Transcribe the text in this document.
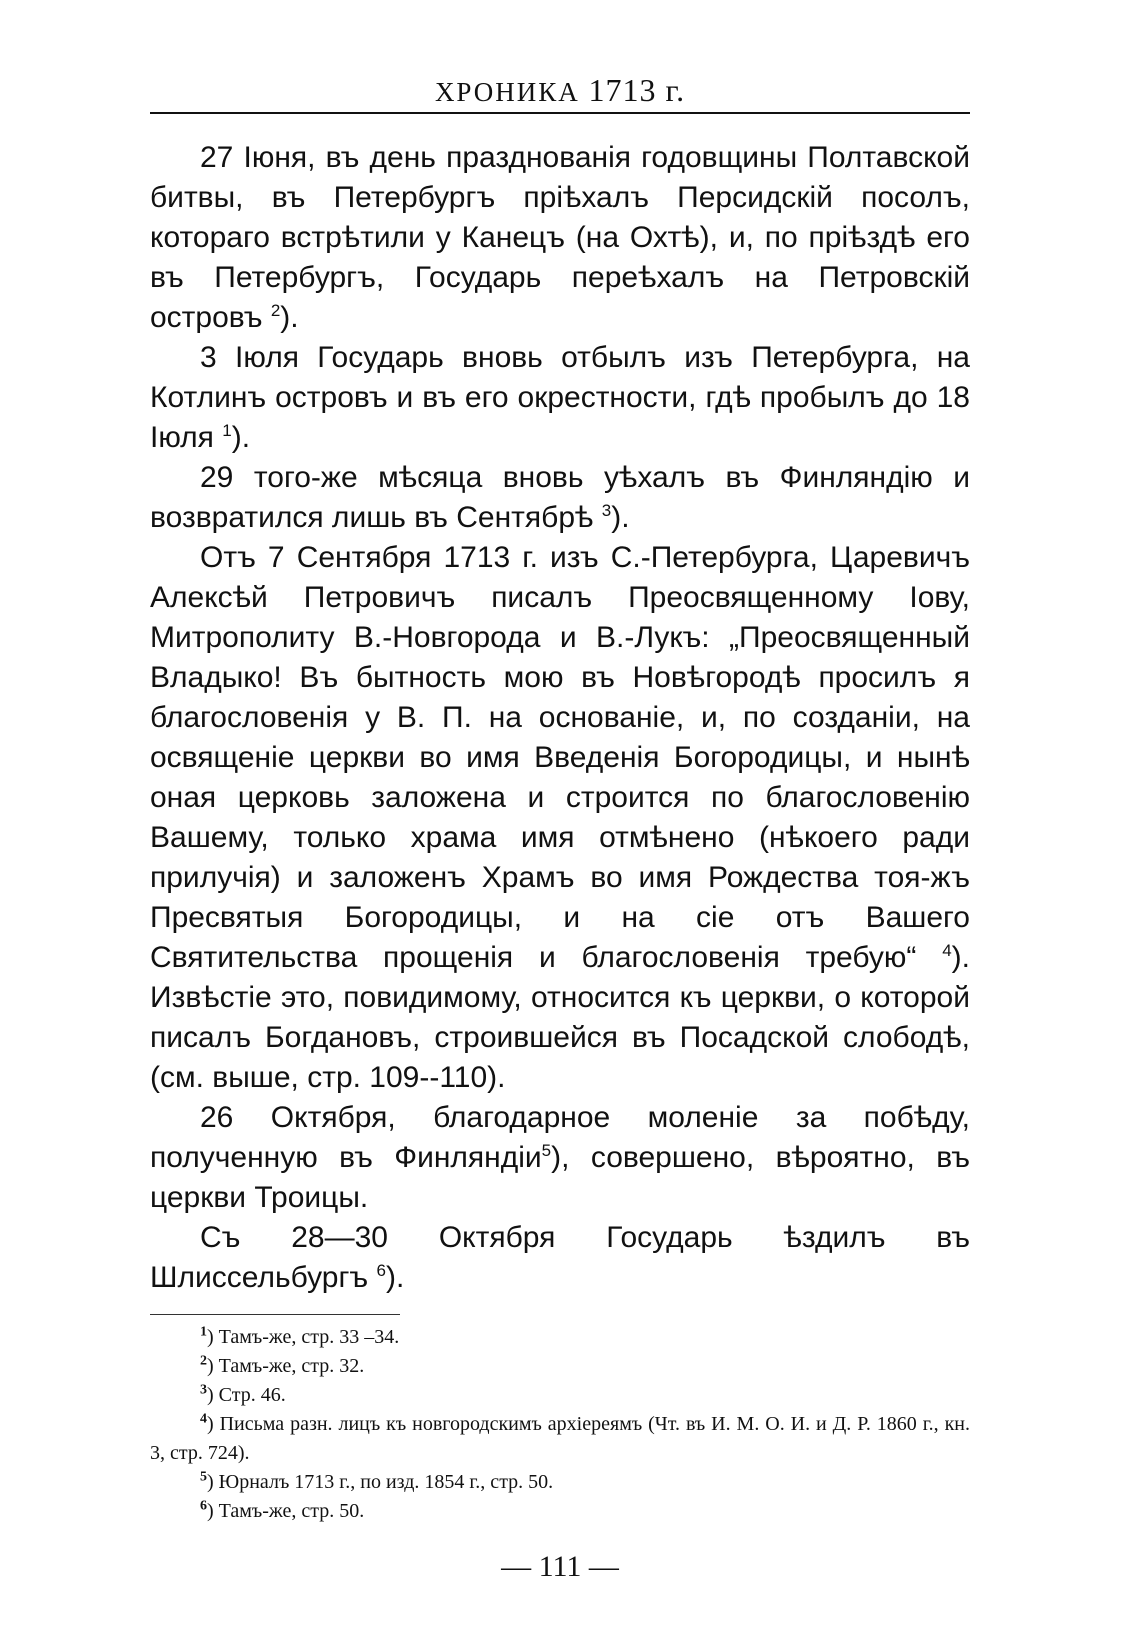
ХРОНИКА 1713 г.

27 Іюня, въ день празднованія годовщины Полтавской битвы, въ Петербургъ пріѣхалъ Персидскій посолъ, котораго встрѣтили у Канецъ (на Охтѣ), и, по пріѣздѣ его въ Петербургъ, Государь переѣхалъ на Петровскій островъ $^2$).

3 Іюля Государь вновь отбылъ изъ Петербурга, на Котлинъ островъ и въ его окрестности, гдѣ пробылъ до 18 Іюля $^1$).

29 того-же мѣсяца вновь уѣхалъ въ Финляндію и возвратился лишь въ Сентябрѣ $^3$).

Отъ 7 Сентября 1713 г. изъ С.-Петербурга, Царевичъ Алексѣй Петровичъ писалъ Преосвященному Іову, Митрополиту В.-Новгорода и В.-Лукъ: „Преосвященный Владыко! Въ бытность мою въ Новѣгородѣ просилъ я благословенія у В. П. на основаніе, и, по созданіи, на освященіе церкви во имя Введенія Богородицы, и нынѣ оная церковь заложена и строится по благословенію Вашему, только храма имя отмѣнено (нѣкоего ради прилучія) и заложенъ Храмъ во имя Рождества тоя-жъ Пресвятыя Богородицы, и на сіе отъ Вашего Святительства прощенія и благословенія требую“ $^4$). Извѣстіе это, повидимому, относится къ церкви, о которой писалъ Богдановъ, строившейся въ Посадской слободѣ, (см. выше, стр. 109--110).

26 Октября, благодарное моленіе за побѣду, полученную въ Финляндіи$^5$), совершено, вѣроятно, въ церкви Троицы.

Съ 28—30 Октября Государь ѣздилъ въ Шлиссельбургъ $^6$).

$^1$) Тамъ-же, стр. 33 –34.

$^2$) Тамъ-же, стр. 32.

$^3$) Стр. 46.

$^4$) Письма разн. лицъ къ новгородскимъ архіереямъ (Чт. въ И. М. О. И. и Д. Р. 1860 г., кн. 3, стр. 724).

$^5$) Юрналъ 1713 г., по изд. 1854 г., стр. 50.

$^6$) Тамъ-же, стр. 50.

— 111 —
